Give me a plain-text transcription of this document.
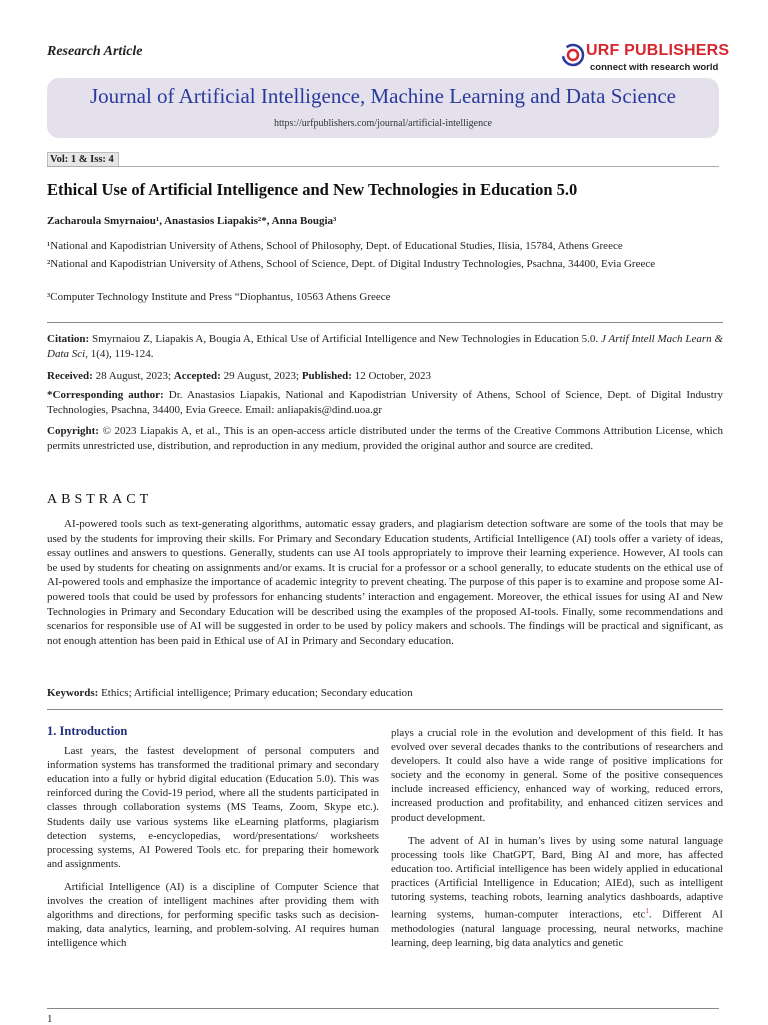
Research Article	URF PUBLISHERS
connect with research world
Journal of Artificial Intelligence, Machine Learning and Data Science
https://urfpublishers.com/journal/artificial-intelligence
Vol: 1 & Iss: 4
Ethical Use of Artificial Intelligence and New Technologies in Education 5.0
Zacharoula Smyrnaiou¹, Anastasios Liapakis²*, Anna Bougia³
¹National and Kapodistrian University of Athens, School of Philosophy, Dept. of Educational Studies, Ilisia, 15784, Athens Greece
²National and Kapodistrian University of Athens, School of Science, Dept. of Digital Industry Technologies, Psachna, 34400, Evia Greece
³Computer Technology Institute and Press “Diophantus, 10563 Athens Greece
Citation: Smyrnaiou Z, Liapakis A, Bougia A, Ethical Use of Artificial Intelligence and New Technologies in Education 5.0. J Artif Intell Mach Learn & Data Sci, 1(4), 119-124.
Received: 28 August, 2023; Accepted: 29 August, 2023; Published: 12 October, 2023
*Corresponding author: Dr. Anastasios Liapakis, National and Kapodistrian University of Athens, School of Science, Dept. of Digital Industry Technologies, Psachna, 34400, Evia Greece. Email: anliapakis@dind.uoa.gr
Copyright: © 2023 Liapakis A, et al., This is an open-access article distributed under the terms of the Creative Commons Attribution License, which permits unrestricted use, distribution, and reproduction in any medium, provided the original author and source are credited.
ABSTRACT

AI-powered tools such as text-generating algorithms, automatic essay graders, and plagiarism detection software are some of the tools that may be used by the students for improving their skills. For Primary and Secondary Education students, Artificial Intelligence (AI) tools offer a variety of ideas, essay outlines and answers to questions. Generally, students can use AI tools appropriately to improve their learning experience. However, AI tools can be used by students for cheating on assignments and/or exams. It is crucial for a professor or a school generally, to educate students on the ethical use of AI-powered tools and emphasize the importance of academic integrity to prevent cheating. The purpose of this paper is to examine and propose some AI-powered tools that could be used by professors for enhancing students’ interaction and engagement. Moreover, the ethical issues for using AI and New Technologies in Primary and Secondary Education will be described using the examples of the proposed AI-tools. Finally, some recommendations and scenarios for responsible use of AI will be suggested in order to be used by policy makers and schools. The findings will be practical and significant, as not enough attention has been paid in Ethical use of AI in Primary and Secondary education.

Keywords: Ethics; Artificial intelligence; Primary education; Secondary education
1. Introduction

Last years, the fastest development of personal computers and information systems has transformed the traditional primary and secondary education into a fully or hybrid digital education (Education 5.0). This was reinforced during the Covid-19 period, where all the students participated in classes through collaboration systems (MS Teams, Zoom, Skype etc.). Students daily use various systems like eLearning platforms, plagiarism detection systems, e-encyclopedias, word/presentations/ worksheets processing systems, AI Powered Tools etc. for preparing their homework and assignments.

Artificial Intelligence (AI) is a discipline of Computer Science that involves the creation of intelligent machines after providing them with algorithms and directions, for performing specific tasks such as decision-making, data analytics, learning, and problem-solving. AI requires human intelligence which

plays a crucial role in the evolution and development of this field. It has evolved over several decades thanks to the contributions of researchers and developers. It could also have a wide range of positive implications for society and the economy in general. Some of the positive consequences include increased efficiency, enhanced way of working, reduced errors, increased production and profitability, and enhanced citizen services and product development.

The advent of AI in human’s lives by using some natural language processing tools like ChatGPT, Bard, Bing AI and more, has affected education too. Artificial intelligence has been widely applied in educational practices (Artificial Intelligence in Education; AIEd), such as intelligent tutoring systems, teaching robots, learning analytics dashboards, adaptive learning systems, human-computer interactions, etc$^1$. Different AI methodologies (natural language processing, neural networks, machine learning, deep learning, big data analytics and genetic

1
